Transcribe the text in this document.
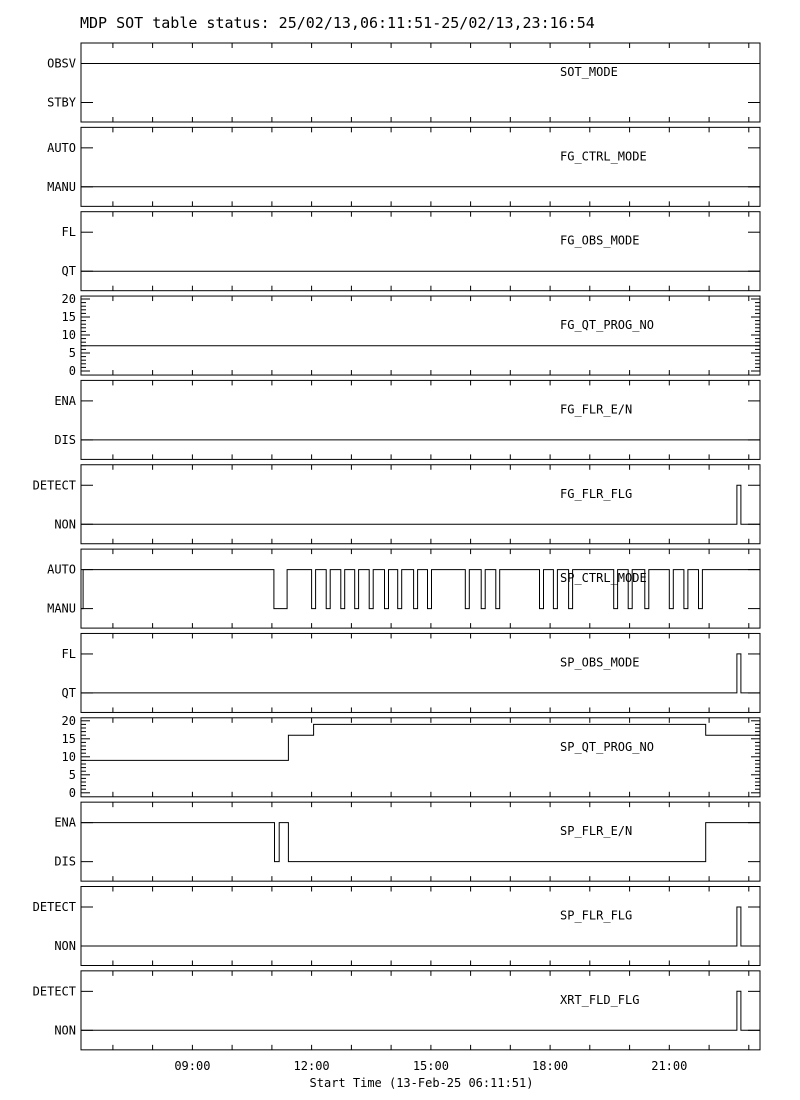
MDP SOT table status: 25/02/13,06:11:51-25/02/13,23:16:54
OBSV
STBY
SOT_MODE
AUTO
MANU
FG_CTRL_MODE
FL
QT
FG_OBS_MODE
20
15
10
5
0
FG_QT_PROG_NO
ENA
DIS
FG_FLR_E/N
DETECT
NON
FG_FLR_FLG
AUTO
MANU
SP_CTRL_MODE
FL
QT
SP_OBS_MODE
20
15
10
5
0
SP_QT_PROG_NO
ENA
DIS
SP_FLR_E/N
DETECT
NON
SP_FLR_FLG
DETECT
NON
XRT_FLD_FLG
09:00	12:00	15:00	18:00	21:00
Start Time (13-Feb-25 06:11:51)
